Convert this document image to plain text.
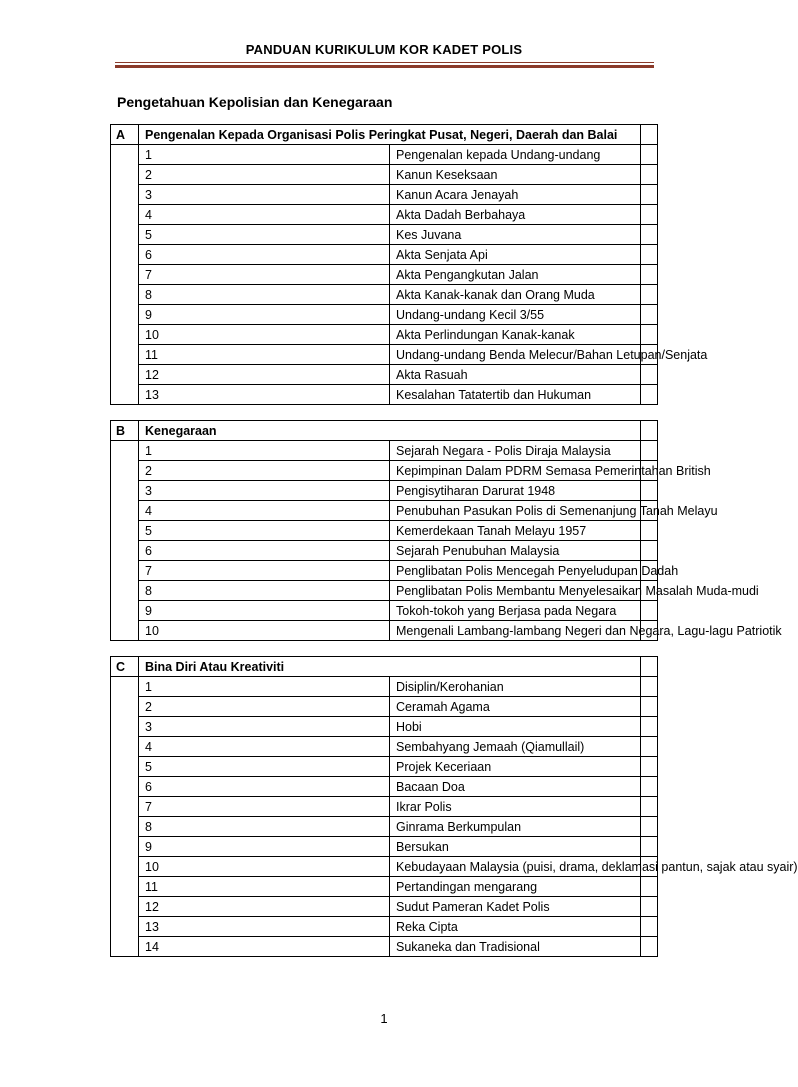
PANDUAN KURIKULUM KOR KADET POLIS
Pengetahuan Kepolisian dan Kenegaraan
A	Pengenalan Kepada Organisasi Polis Peringkat Pusat, Negeri, Daerah dan Balai		
	1	Pengenalan kepada Undang-undang	
	2	Kanun Keseksaan	
	3	Kanun Acara Jenayah	
	4	Akta Dadah Berbahaya	
	5	Kes Juvana	
	6	Akta Senjata Api	
	7	Akta Pengangkutan Jalan	
	8	Akta Kanak-kanak dan Orang Muda	
	9	Undang-undang Kecil 3/55	
	10	Akta Perlindungan Kanak-kanak	
	11	Undang-undang Benda Melecur/Bahan Letupan/Senjata	
	12	Akta Rasuah	
	13	Kesalahan Tatatertib dan Hukuman	
B	Kenegaraan		
	1	Sejarah Negara - Polis Diraja Malaysia	
	2	Kepimpinan Dalam PDRM Semasa Pemerintahan British	
	3	Pengisytiharan Darurat 1948	
	4	Penubuhan Pasukan Polis di Semenanjung Tanah Melayu	
	5	Kemerdekaan Tanah Melayu 1957	
	6	Sejarah Penubuhan Malaysia	
	7	Penglibatan Polis Mencegah Penyeludupan Dadah	
	8	Penglibatan Polis Membantu Menyelesaikan Masalah Muda-mudi	
	9	Tokoh-tokoh yang Berjasa pada Negara	
	10	Mengenali Lambang-lambang Negeri dan Negara, Lagu-lagu Patriotik	
C	Bina Diri Atau Kreativiti		
	1	Disiplin/Kerohanian	
	2	Ceramah Agama	
	3	Hobi	
	4	Sembahyang Jemaah (Qiamullail)	
	5	Projek Keceriaan	
	6	Bacaan Doa	
	7	Ikrar Polis	
	8	Ginrama Berkumpulan	
	9	Bersukan	
	10	Kebudayaan Malaysia (puisi, drama, deklamasi pantun, sajak atau syair)	
	11	Pertandingan mengarang	
	12	Sudut Pameran Kadet Polis	
	13	Reka Cipta	
	14	Sukaneka dan Tradisional	
1
